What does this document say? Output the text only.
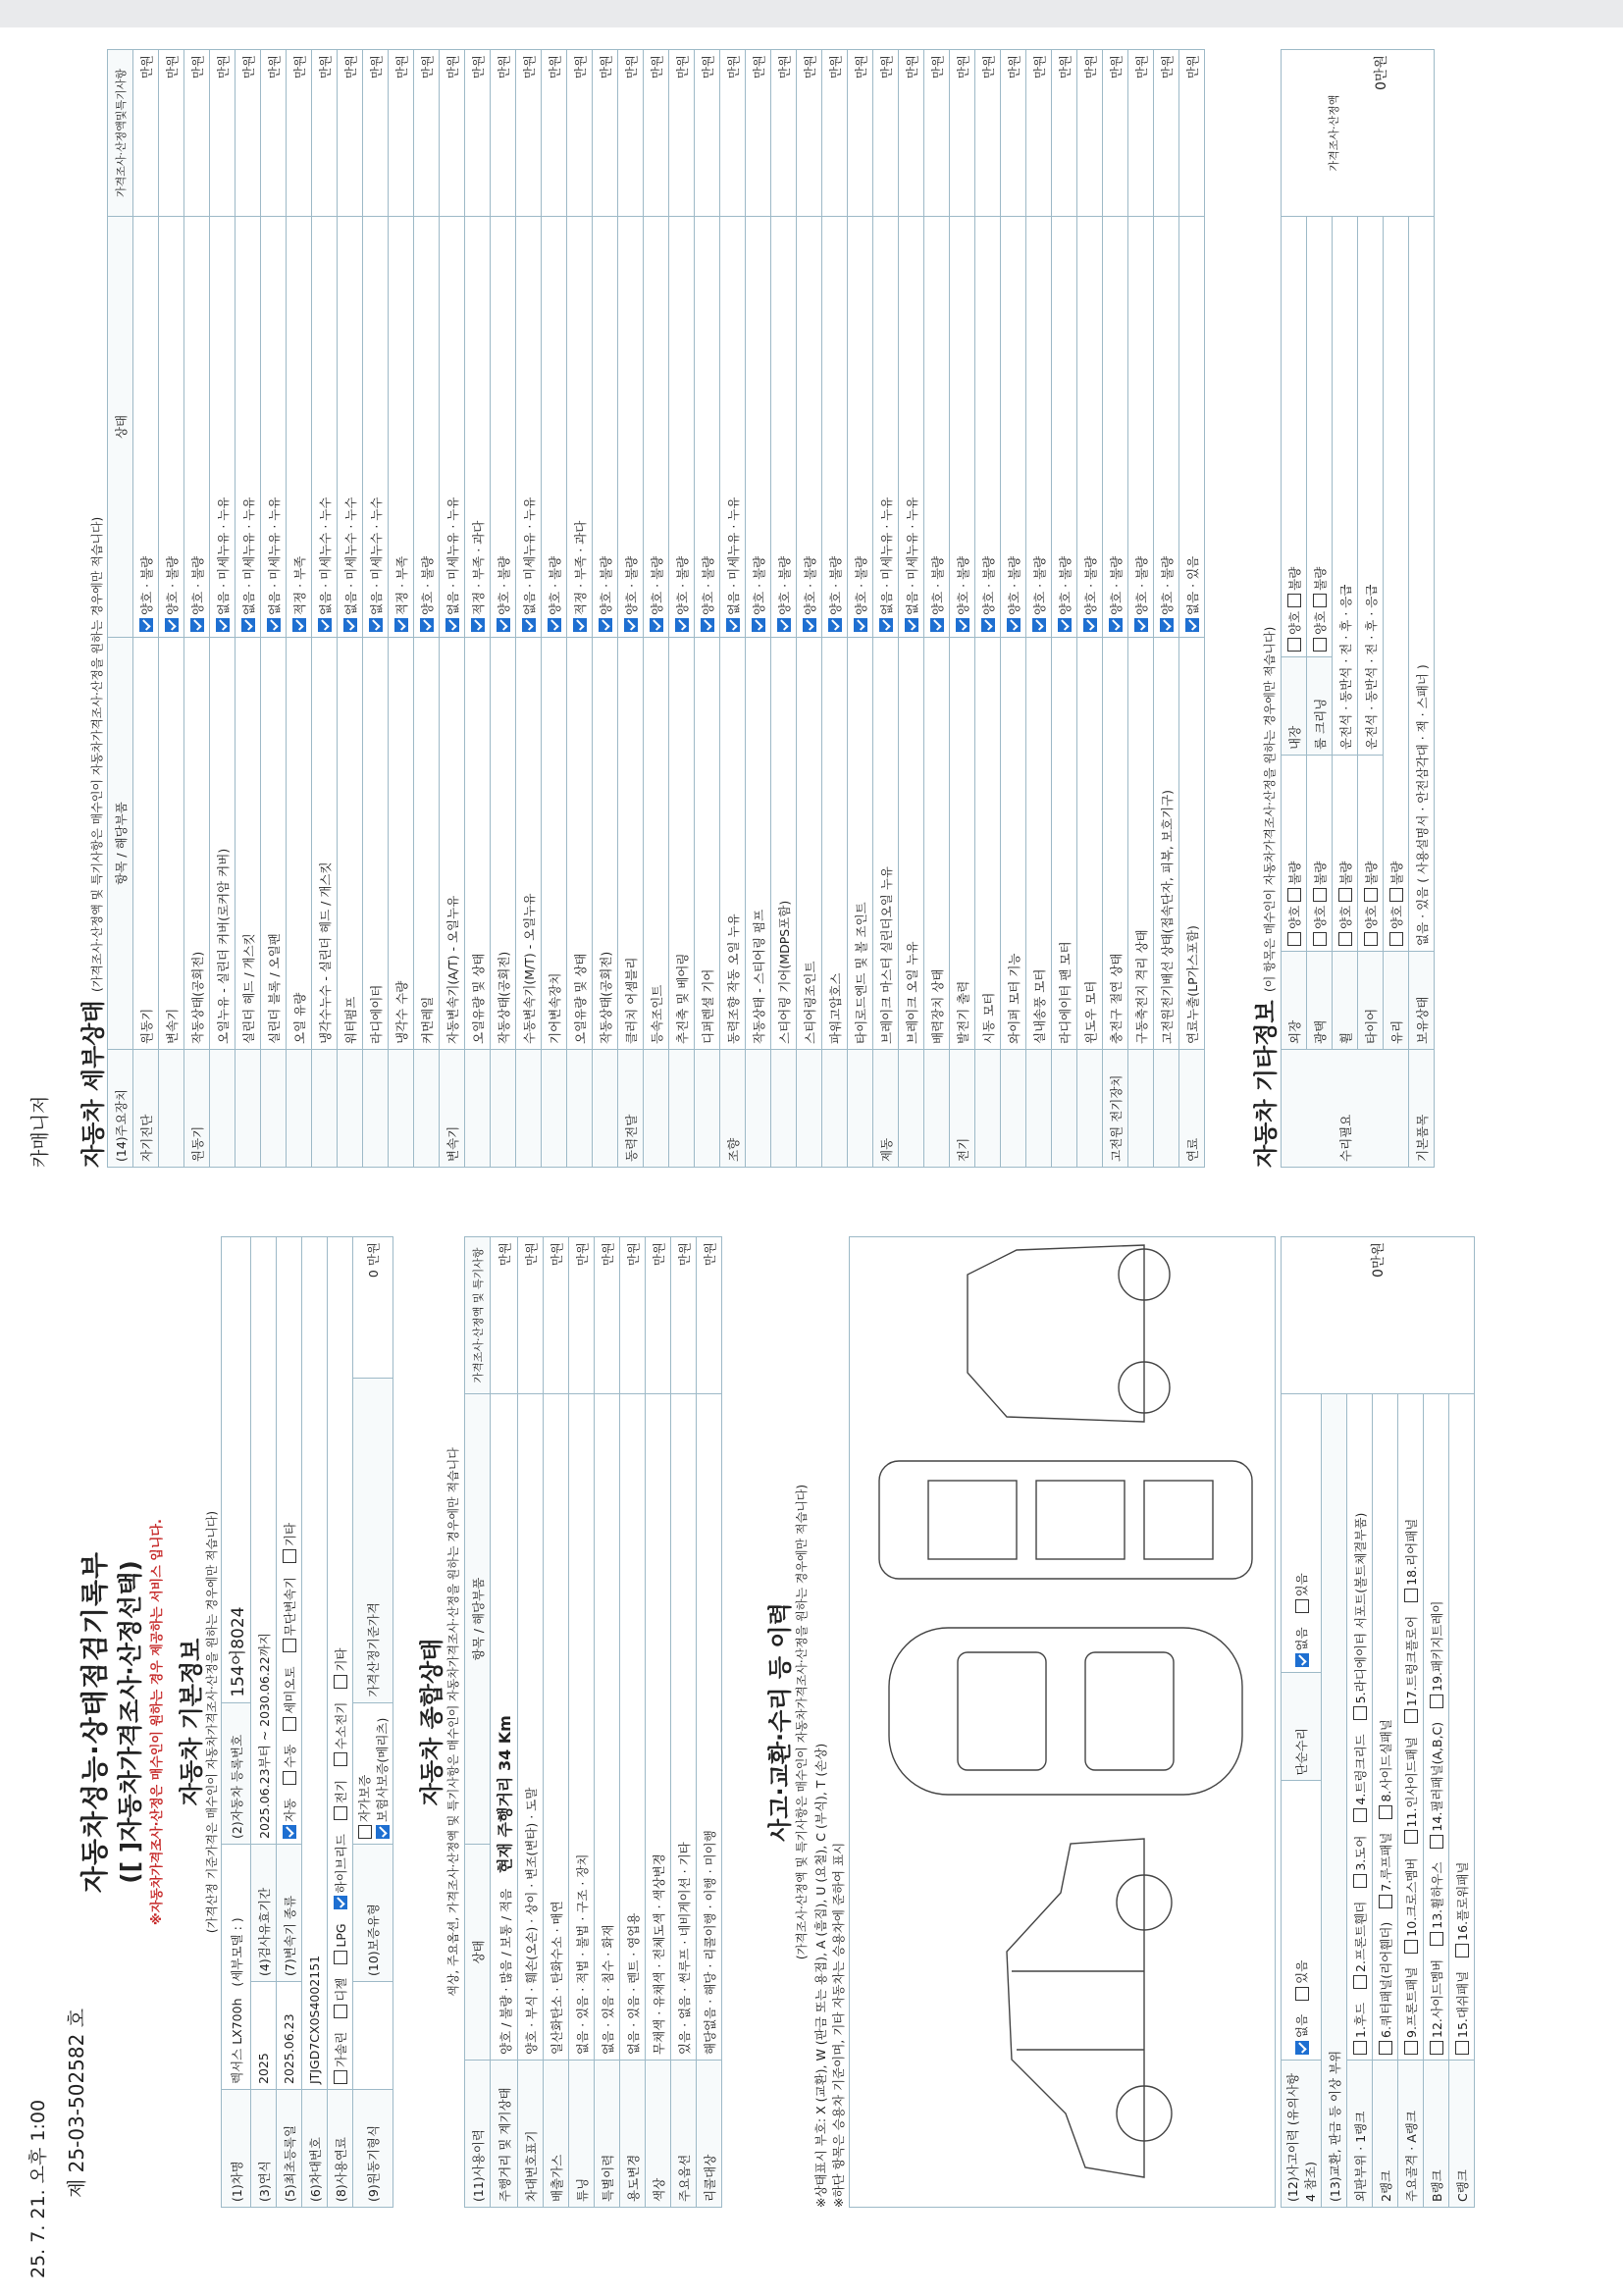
25. 7. 21. 오후 1:00 제 25-03-502582 호
카매니저
자동차성능·상태점검기록부 ([ ]자동차가격조사·산정선택) ※자동차가격조사·산정은 매수인이 원하는 경우 제공하는 서비스 입니다. 자동차 기본정보 (가격산정 기준가격은 매수인이 자동차가격조사·산정을 원하는 경우에만 적습니다)
(1)차명	렉서스 LX700h   (세부모델 : )		(2)자동차 등록번호	154어8024	
(3)연식	2025	(4)검사유효기간	2025.06.23부터 ~ 2030.06.22까지		
(5)최초등록일	2025.06.23	(7)변속기 종류	자동 수동 세미오토 무단변속기 기타		
(6)차대번호	JTJGD7CX0S4002151				
(8)사용연료	가솔린 디젤 LPG 하이브리드 전기 수소전기 기타				
(9)원동기형식		(10)보증유형	자가보증 보험사보증(메리츠)	가격산정기준가격	0 만원
자동차 종합상태 색상, 주요옵션, 가격조사·산정액 및 특기사항은 매수인이 자동차가격조사·산정을 원하는 경우에만 적습니다
(11)사용이력	상태	항목 / 해당부품	가격조사·산정액 및 특기사항
주행거리 및 계기상태	양호 / 불량 · 많음 / 보통 / 적음    현재 주행거리 34 Km		만원
차대번호표기	양호 · 부식 · 훼손(오손) · 상이 · 변조(변타) · 도말		만원
배출가스	일산화탄소 · 탄화수소 · 매연		만원
튜닝	없음 · 있음 · 적법 · 불법 · 구조 · 장치		만원
특별이력	없음 · 있음 · 침수 · 화재		만원
용도변경	없음 · 있음 · 렌트 · 영업용		만원
색상	무채색 · 유채색 · 전체도색 · 색상변경		만원
주요옵션	있음 · 없음 · 썬루프 · 네비게이션 · 기타		만원
리콜대상	해당없음 · 해당 · 리콜이행 · 이행 · 미이행		만원
사고·교환·수리 등 이력 (가격조사·산정액 및 특기사항은 매수인이 자동차가격조사·산정을 원하는 경우에만 적습니다)
※상태표시 부호: X (교환), W (판금 또는 용접), A (흠집), U (요철), C (부식), T (손상) ※하단 항목은 승용차 기준이며, 기타 자동차는 승용차에 준하여 표시	(12)사고이력 (유의사항 4 참조)	없음 있음	단순수리	없음 있음	0만원
(13)교환, 판금 등 이상 부위				
외판부위 · 1랭크	1.후드 2.프론트휀더 3.도어 4.트렁크리드 5.라디에이터 서포트(볼트체결부품)			
2랭크	6.쿼터패널(리어휀더) 7.루프패널 8.사이드실패널			
주요골격 · A랭크	9.프론트패널 10.크로스멤버 11.인사이드패널 17.트렁크플로어 18.리어패널			
B랭크	12.사이드멤버 13.휠하우스 14.필러패널(A,B,C) 19.패키지트레이			
C랭크	15.대쉬패널 16.플로워패널			
자동차 세부상태 (가격조사·산정액 및 특기사항은 매수인이 자동차가격조사·산정을 원하는 경우에만 적습니다)
(14)주요장치	항목 / 해당부품	상태	가격조사·산정액및특기사항
자기진단	원동기	양호 · 불량	만원
	변속기	양호 · 불량	만원
원동기	작동상태(공회전)	양호 · 불량	만원
	오일누유 - 실린더 커버(로커암 커버)	없음 · 미세누유 · 누유	만원
	실린더 헤드 / 개스킷	없음 · 미세누유 · 누유	만원
	실린더 블록 / 오일팬	없음 · 미세누유 · 누유	만원
	오일 유량	적정 · 부족	만원
	냉각수누수 - 실린더 헤드 / 개스킷	없음 · 미세누수 · 누수	만원
	워터펌프	없음 · 미세누수 · 누수	만원
	라디에이터	없음 · 미세누수 · 누수	만원
	냉각수 수량	적정 · 부족	만원
	커먼레일	양호 · 불량	만원
변속기	자동변속기(A/T) - 오일누유	없음 · 미세누유 · 누유	만원
	오일유량 및 상태	적정 · 부족 · 과다	만원
	작동상태(공회전)	양호 · 불량	만원
	수동변속기(M/T) - 오일누유	없음 · 미세누유 · 누유	만원
	기어변속장치	양호 · 불량	만원
	오일유량 및 상태	적정 · 부족 · 과다	만원
	작동상태(공회전)	양호 · 불량	만원
동력전달	클러치 어셈블리	양호 · 불량	만원
	등속조인트	양호 · 불량	만원
	추진축 및 베어링	양호 · 불량	만원
	디퍼렌셜 기어	양호 · 불량	만원
조향	동력조향 작동 오일 누유	없음 · 미세누유 · 누유	만원
	작동상태 - 스티어링 펌프	양호 · 불량	만원
	스티어링 기어(MDPS포함)	양호 · 불량	만원
	스티어링조인트	양호 · 불량	만원
	파워고압호스	양호 · 불량	만원
	타이로드엔드 및 볼 조인트	양호 · 불량	만원
제동	브레이크 마스터 실린더오일 누유	없음 · 미세누유 · 누유	만원
	브레이크 오일 누유	없음 · 미세누유 · 누유	만원
	배력장치 상태	양호 · 불량	만원
전기	발전기 출력	양호 · 불량	만원
	시동 모터	양호 · 불량	만원
	와이퍼 모터 기능	양호 · 불량	만원
	실내송풍 모터	양호 · 불량	만원
	라디에이터 팬 모터	양호 · 불량	만원
	윈도우 모터	양호 · 불량	만원
고전원 전기장치	충전구 절연 상태	양호 · 불량	만원
	구동축전지 격리 상태	양호 · 불량	만원
	고전원전기배선 상태(접속단자, 피복, 보호기구)	양호 · 불량	만원
연료	연료누출(LP가스포함)	없음 · 있음	만원
자동차 기타정보 (이 항목은 매수인이 자동차가격조사·산정을 원하는 경우에만 적습니다)
수리필요	외장	양호 불량	내장	양호 불량	가격조사·산정액
0만원

	광택	양호 불량	룸 크리닝	양호 불량	
	휠	양호 불량	운전석 · 동반석 · 전 · 후 · 응급		
	타이어	양호 불량	운전석 · 동반석 · 전 · 후 · 응급		
	유리	양호 불량			
기본품목	보유상태	없음 · 있음 ( 사용설명서 · 안전삼각대 · 잭 · 스패너 )			
